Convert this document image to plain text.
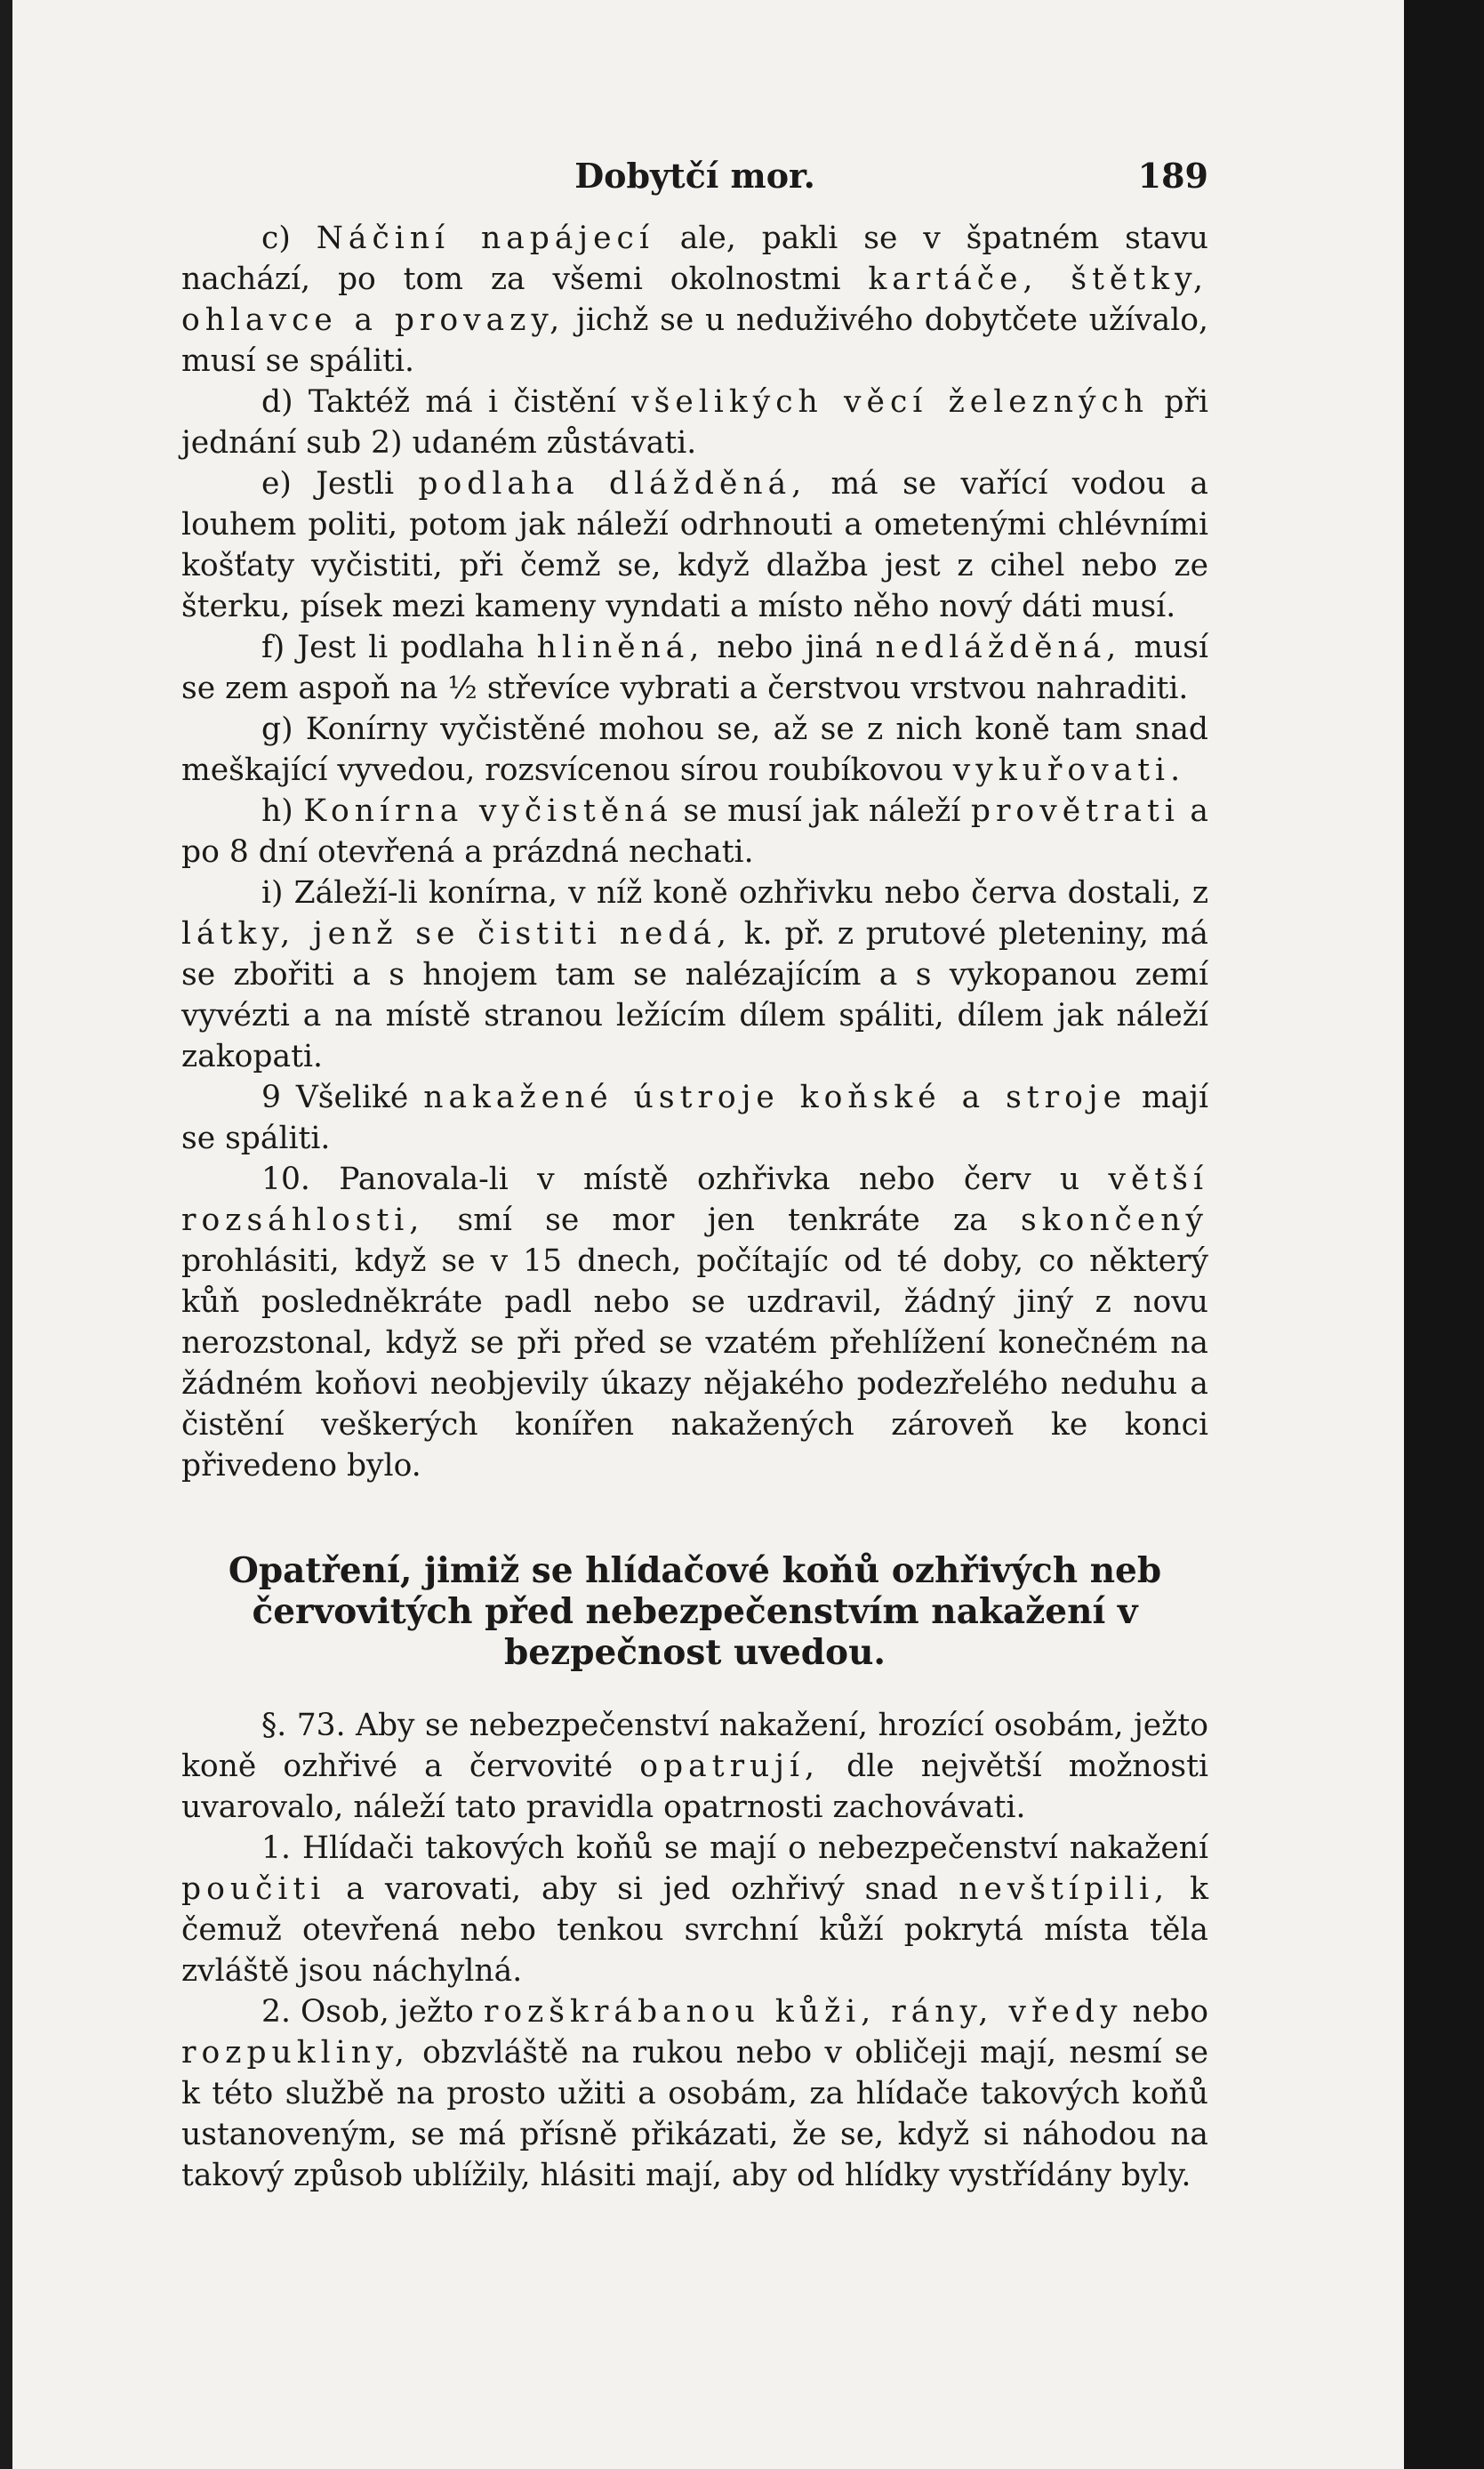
Dobytčí mor.	189

c) Náčiní napájecí ale, pakli se v špatném stavu nachází, po tom za všemi okolnostmi kartáče, štětky, ohlavce a provazy, jichž se u neduživého dobytčete užívalo, musí se spáliti.

d) Taktéž má i čistění všelikých věcí železných při jednání sub 2) udaném zůstávati.

e) Jestli podlaha dlážděná, má se vařící vodou a louhem politi, potom jak náleží odrhnouti a ometenými chlévními košťaty vyčistiti, při čemž se, když dlažba jest z cihel nebo ze šterku, písek mezi kameny vyndati a místo něho nový dáti musí.

f) Jest li podlaha hliněná, nebo jiná nedlážděná, musí se zem aspoň na ½ střevíce vybrati a čerstvou vrstvou nahraditi.

g) Konírny vyčistěné mohou se, až se z nich koně tam snad meškající vyvedou, rozsvícenou sírou roubíkovou vykuřovati.

h) Konírna vyčistěná se musí jak náleží provětrati a po 8 dní otevřená a prázdná nechati.

i) Záleží-li konírna, v níž koně ozhřivku nebo červa dostali, z látky, jenž se čistiti nedá, k. př. z prutové pleteniny, má se zbořiti a s hnojem tam se nalézajícím a s vykopanou zemí vyvézti a na místě stranou ležícím dílem spáliti, dílem jak náleží zakopati.

9 Všeliké nakažené ústroje koňské a stroje mají se spáliti.

10. Panovala-li v místě ozhřivka nebo červ u větší rozsáhlosti, smí se mor jen tenkráte za skončený prohlásiti, když se v 15 dnech, počítajíc od té doby, co některý kůň posledněkráte padl nebo se uzdravil, žádný jiný z novu nerozstonal, když se při před se vzatém přehlížení konečném na žádném koňovi neobjevily úkazy nějakého podezřelého neduhu a čistění veškerých konířen nakažených zároveň ke konci přivedeno bylo.

Opatření, jimiž se hlídačové koňů ozhřivých neb červovitých před nebezpečenstvím nakažení v bezpečnost uvedou.

§. 73. Aby se nebezpečenství nakažení, hrozící osobám, ježto koně ozhřivé a červovité opatrují, dle největší možnosti uvarovalo, náleží tato pravidla opatrnosti zachovávati.

1. Hlídači takových koňů se mají o nebezpečenství nakažení poučiti a varovati, aby si jed ozhřivý snad nevštípili, k čemuž otevřená nebo tenkou svrchní kůží pokrytá místa těla zvláště jsou náchylná.

2. Osob, ježto rozškrábanou kůži, rány, vředy nebo rozpukliny, obzvláště na rukou nebo v obličeji mají, nesmí se k této službě na prosto užiti a osobám, za hlídače takových koňů ustanoveným, se má přísně přikázati, že se, když si náhodou na takový způsob ublížily, hlásiti mají, aby od hlídky vystřídány byly.
